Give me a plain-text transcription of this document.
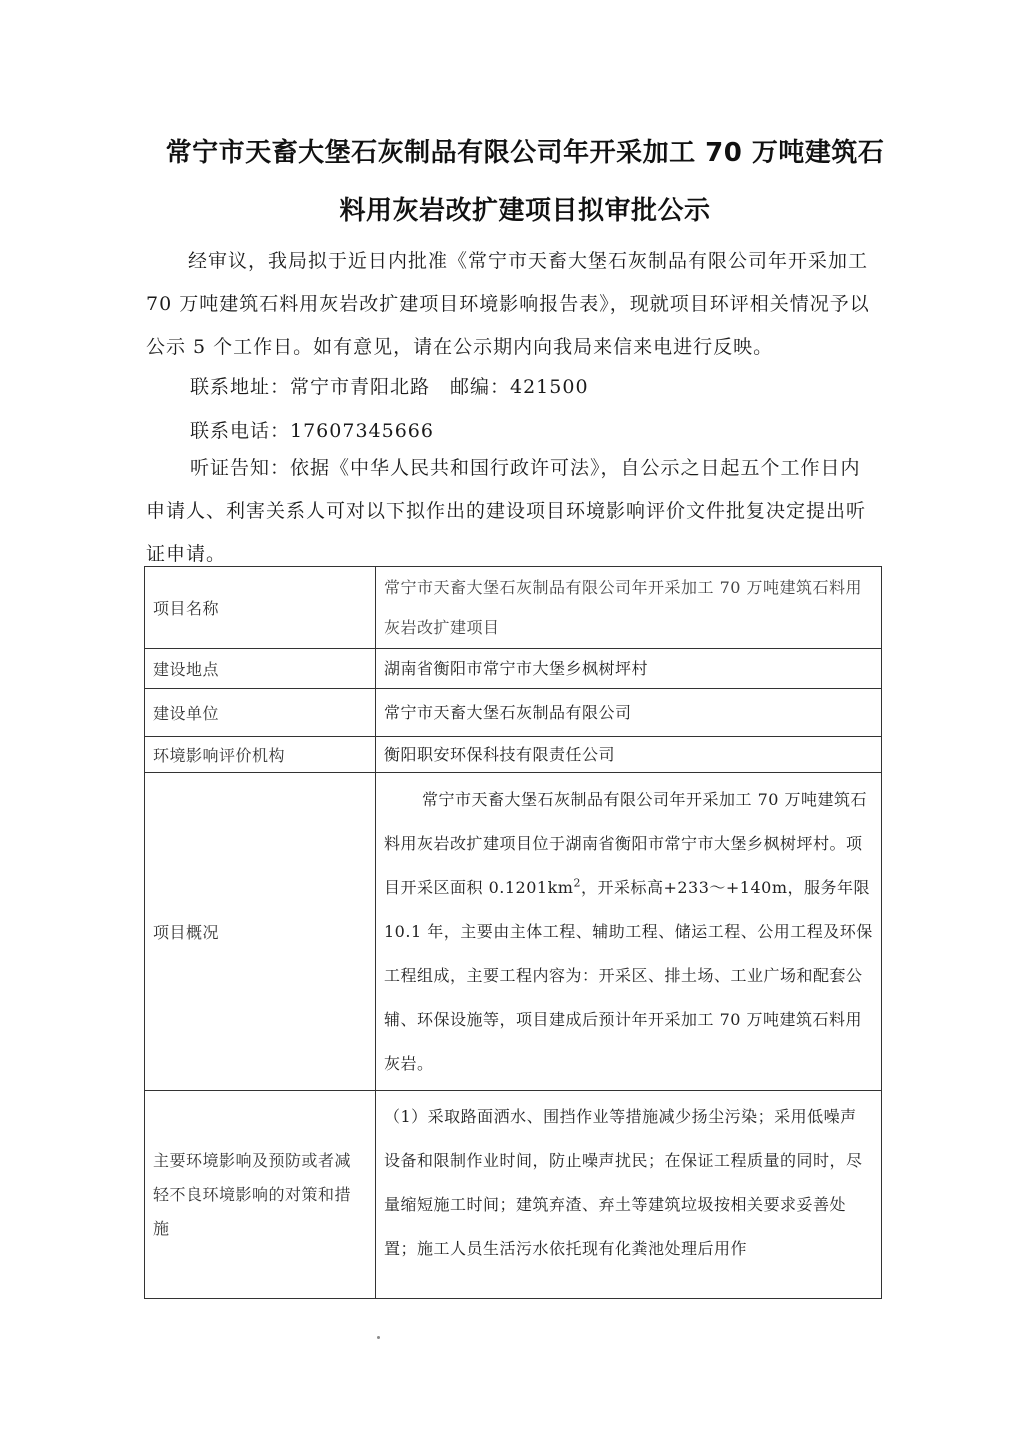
常宁市天畜大堡石灰制品有限公司年开采加工 70 万吨建筑石
料用灰岩改扩建项目拟审批公示
经审议，我局拟于近日内批准《常宁市天畜大堡石灰制品有限公司年开采加工 70 万吨建筑石料用灰岩改扩建项目环境影响报告表》，现就项目环评相关情况予以公示 5 个工作日。如有意见，请在公示期内向我局来信来电进行反映。
联系地址：常宁市青阳北路　邮编：421500
联系电话：17607345666
听证告知：依据《中华人民共和国行政许可法》，自公示之日起五个工作日内申请人、利害关系人可对以下拟作出的建设项目环境影响评价文件批复决定提出听证申请。
项目名称	常宁市天畜大堡石灰制品有限公司年开采加工 70 万吨建筑石料用灰岩改扩建项目
建设地点	湖南省衡阳市常宁市大堡乡枫树坪村
建设单位	常宁市天畜大堡石灰制品有限公司
环境影响评价机构	衡阳职安环保科技有限责任公司
项目概况	常宁市天畜大堡石灰制品有限公司年开采加工 70 万吨建筑石料用灰岩改扩建项目位于湖南省衡阳市常宁市大堡乡枫树坪村。项目开采区面积 $0.1201km^2$，开采标高+233～+140m，服务年限 10.1 年，主要由主体工程、辅助工程、储运工程、公用工程及环保工程组成，主要工程内容为：开采区、排土场、工业广场和配套公辅、环保设施等，项目建成后预计年开采加工 70 万吨建筑石料用灰岩。
主要环境影响及预防或者减轻不良环境影响的对策和措施	（1）采取路面洒水、围挡作业等措施减少扬尘污染；采用低噪声设备和限制作业时间，防止噪声扰民；在保证工程质量的同时，尽量缩短施工时间；建筑弃渣、弃土等建筑垃圾按相关要求妥善处置；施工人员生活污水依托现有化粪池处理后用作
